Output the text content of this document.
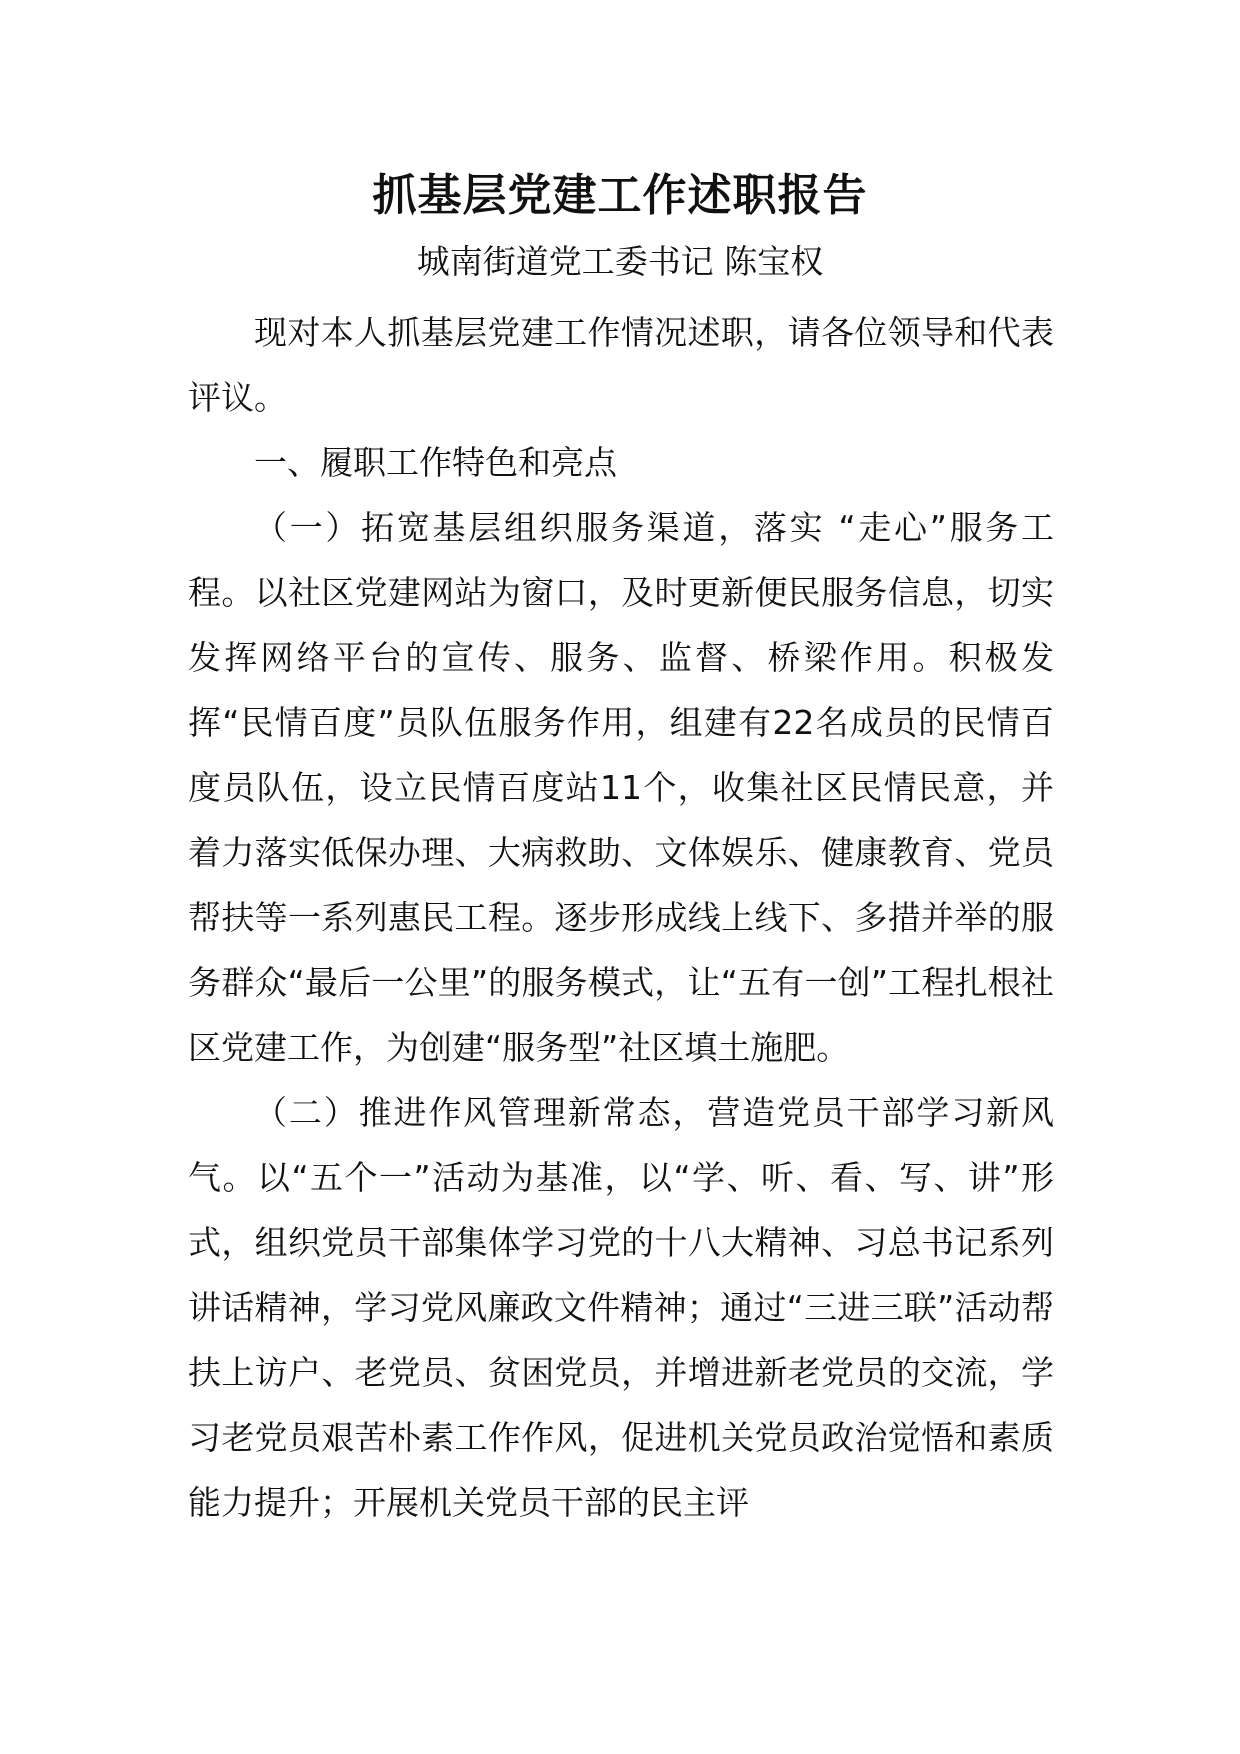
抓基层党建工作述职报告
城南街道党工委书记 陈宝权

现对本人抓基层党建工作情况述职，请各位领导和代表评议。

一、履职工作特色和亮点

（一）拓宽基层组织服务渠道，落实 “走心”服务工程。以社区党建网站为窗口，及时更新便民服务信息，切实发挥网络平台的宣传、服务、监督、桥梁作用。积极发挥“民情百度”员队伍服务作用，组建有22名成员的民情百度员队伍，设立民情百度站11个，收集社区民情民意，并着力落实低保办理、大病救助、文体娱乐、健康教育、党员帮扶等一系列惠民工程。逐步形成线上线下、多措并举的服务群众“最后一公里”的服务模式，让“五有一创”工程扎根社区党建工作，为创建“服务型”社区填土施肥。

（二）推进作风管理新常态，营造党员干部学习新风气。以“五个一”活动为基准，以“学、听、看、写、讲”形式，组织党员干部集体学习党的十八大精神、习总书记系列讲话精神，学习党风廉政文件精神；通过“三进三联”活动帮扶上访户、老党员、贫困党员，并增进新老党员的交流，学习老党员艰苦朴素工作作风，促进机关党员政治觉悟和素质能力提升；开展机关党员干部的民主评
